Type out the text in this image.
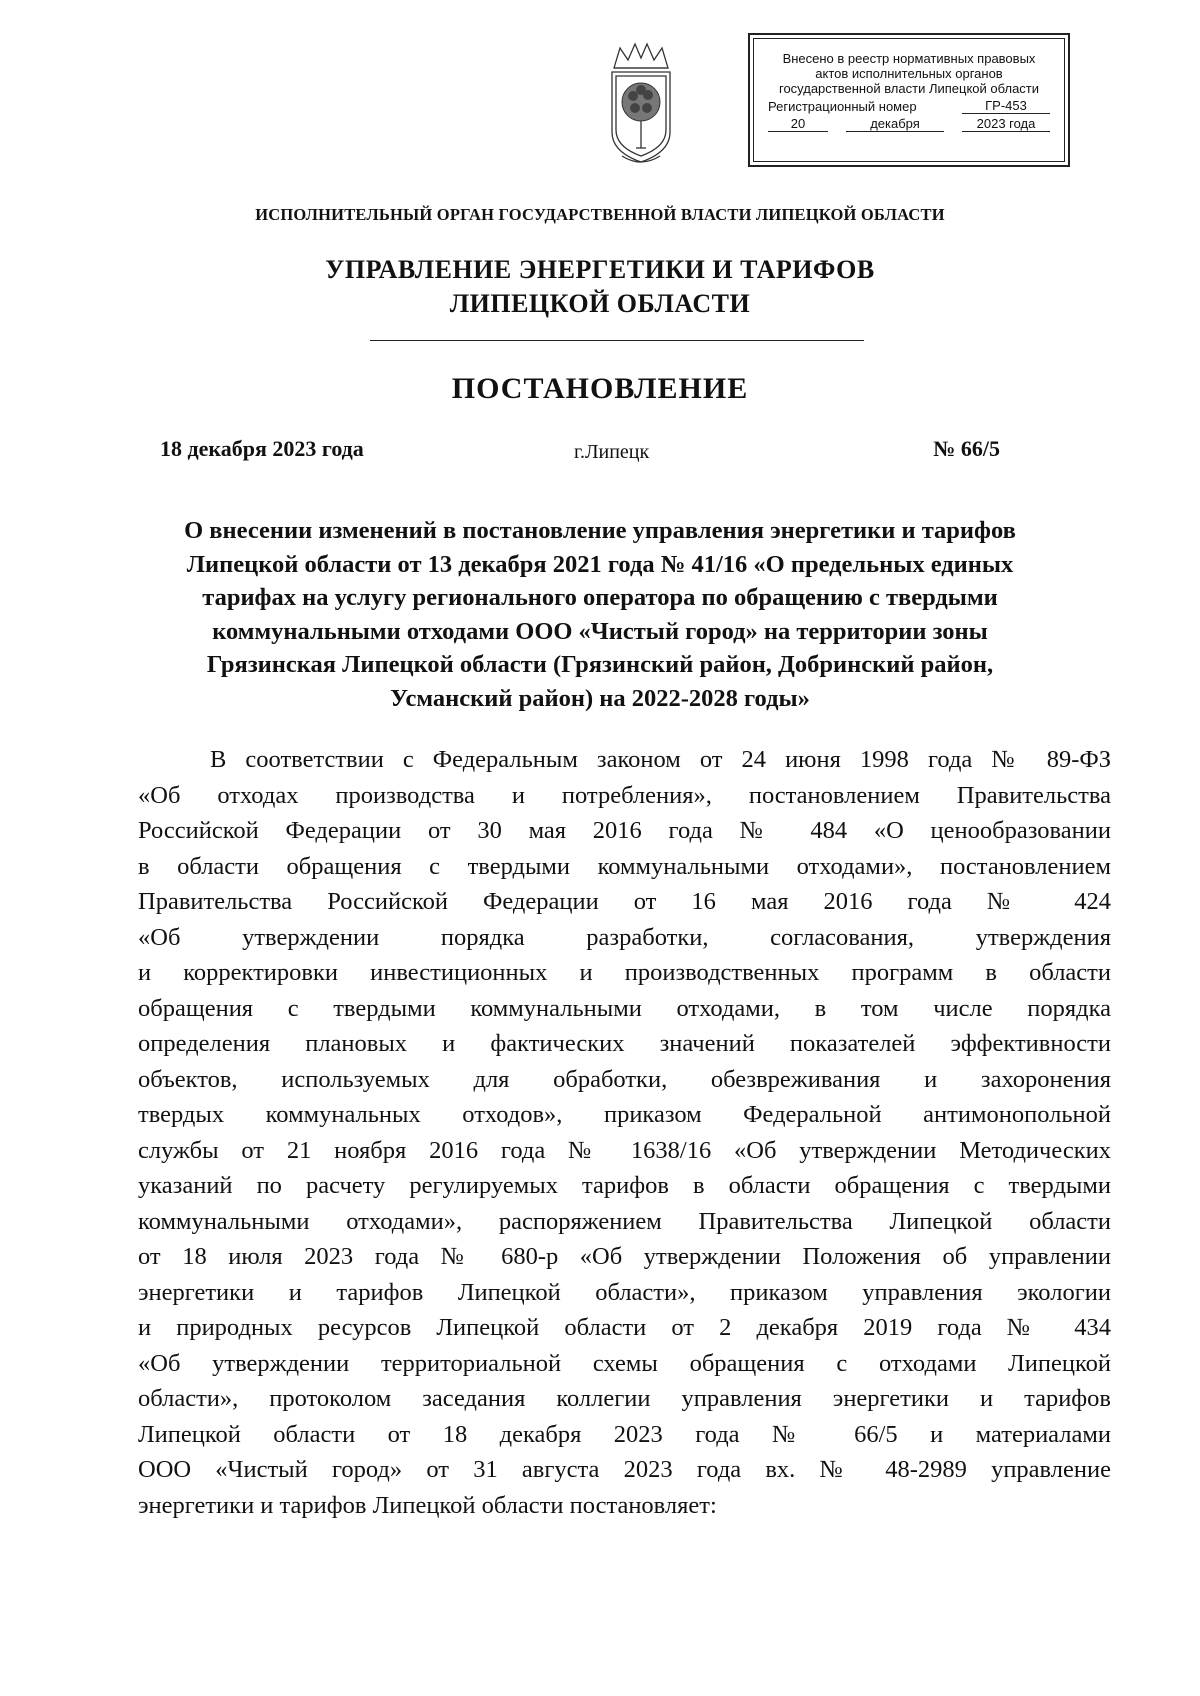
Внесено в реестр нормативных правовых
актов исполнительных органов
государственной власти Липецкой области
Регистрационный номер	ГР-453
20	декабря	2023 года
ИСПОЛНИТЕЛЬНЫЙ ОРГАН ГОСУДАРСТВЕННОЙ ВЛАСТИ ЛИПЕЦКОЙ ОБЛАСТИ
УПРАВЛЕНИЕ ЭНЕРГЕТИКИ И ТАРИФОВ
ЛИПЕЦКОЙ ОБЛАСТИ
ПОСТАНОВЛЕНИЕ
18 декабря 2023 года	г.Липецк	№ 66/5
О внесении изменений в постановление управления энергетики и тарифов
Липецкой области от 13 декабря 2021 года № 41/16 «О предельных единых
тарифах на услугу регионального оператора по обращению с твердыми
коммунальными отходами ООО «Чистый город» на территории зоны
Грязинская Липецкой области (Грязинский район, Добринский район,
Усманский район) на 2022-2028 годы»
В соответствии с Федеральным законом от 24 июня 1998 года № 89-ФЗ
«Об отходах производства и потребления», постановлением Правительства
Российской Федерации от 30 мая 2016 года № 484 «О ценообразовании
в области обращения с твердыми коммунальными отходами», постановлением
Правительства Российской Федерации от 16 мая 2016 года № 424
«Об утверждении порядка разработки, согласования, утверждения
и корректировки инвестиционных и производственных программ в области
обращения с твердыми коммунальными отходами, в том числе порядка
определения плановых и фактических значений показателей эффективности
объектов, используемых для обработки, обезвреживания и захоронения
твердых коммунальных отходов», приказом Федеральной антимонопольной
службы от 21 ноября 2016 года № 1638/16 «Об утверждении Методических
указаний по расчету регулируемых тарифов в области обращения с твердыми
коммунальными отходами», распоряжением Правительства Липецкой области
от 18 июля 2023 года № 680-р «Об утверждении Положения об управлении
энергетики и тарифов Липецкой области», приказом управления экологии
и природных ресурсов Липецкой области от 2 декабря 2019 года № 434
«Об утверждении территориальной схемы обращения с отходами Липецкой
области», протоколом заседания коллегии управления энергетики и тарифов
Липецкой области от 18 декабря 2023 года № 66/5 и материалами
ООО «Чистый город» от 31 августа 2023 года вх. № 48-2989 управление
энергетики и тарифов Липецкой области постановляет:
